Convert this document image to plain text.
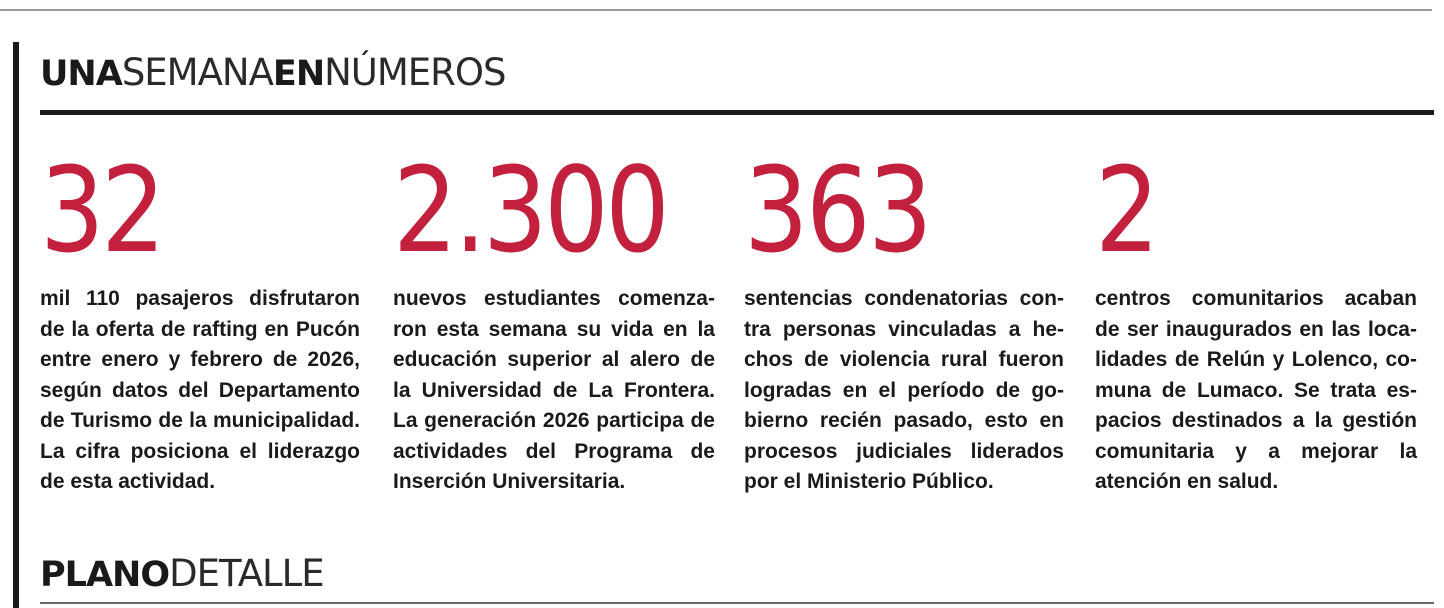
UNASEMANAENNÚMEROS
32
mil 110 pasajeros disfrutaron de la oferta de rafting en Pucón entre enero y febrero de 2026, según datos del Departamento de Turismo de la municipalidad. La cifra posiciona el liderazgo de esta actividad.
2.300
nuevos estudiantes comenzaron esta semana su vida en la educación superior al alero de la Universidad de La Frontera. La generación 2026 participa de actividades del Programa de Inserción Universitaria.
363
sentencias condenatorias contra personas vinculadas a hechos de violencia rural fueron logradas en el período de gobierno recién pasado, esto en procesos judiciales liderados por el Ministerio Público.
2
centros comunitarios acaban de ser inaugurados en las localidades de Relún y Lolenco, comuna de Lumaco. Se trata espacios destinados a la gestión comunitaria y a mejorar la atención en salud.
PLANODETALLE
